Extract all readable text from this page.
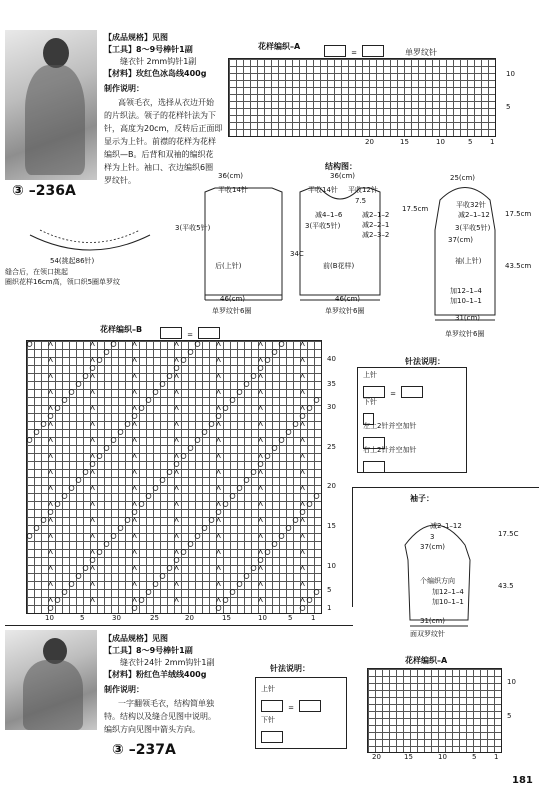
③ –236A
【成品规格】见图
【工具】8～9号棒针1副
缝衣针 2mm钩针1副
【材料】玫红色冰岛线400g
制作说明：
高领毛衣，选择从衣边开始
的片织法。领子的花样针法为下
针，高度为20cm，反转后正面即
显示为上针。前襟的花样为花样
编织—B。后背和双袖的编织花
样为上针。袖口、衣边编织6圈
罗纹针。
54(挑起86针)
缝合后，在领口挑起
圈织花样16cm高，领口织5圈单罗纹
花样编织–A
=	单罗纹针
10
5
20	15	10	5	1
结构图：
36(cm)
平收14针
3(平收5针)
后(上针)
34C
46(cm)
单罗纹针6圈
36(cm)
平收14针 平收12针
7.5
减4–1–6	减2–1–2
减2–2–1
减2–3–2
3(平收5针)
前(B花样)
17.5cm
46(cm)
单罗纹针6圈
25(cm)
平收32针
减2–1–12
3(平收5针)
37(cm)
袖(上针)
加12–1–4
加10–1–1
31(cm)
单罗纹针6圈
43.5cm
17.5cm
花样编织–B
=
40
35
30
25
20
15
10
5
1
10	5	30	25	20	15	10	5	1
针法说明：
上针
=
下针
左上2针并空加针
右上2针并空加针
袖子：
减2–1–12
3
37(cm)
个编织方向
加12–1–4
加10–1–1
31(cm)
面双罗纹针
43.5
17.5C
【成品规格】见图
【工具】8～9号棒针1副
缝衣针24针 2mm钩针1副
【材料】粉红色羊绒线400g
制作说明：
一字翻领毛衣，结构简单独
特。结构以及缝合见图中说明。
编织方向见图中箭头方向。
③ –237A
针法说明：
上针
=
下针
花样编织–A
10
5
20	15	10	5	1
181
